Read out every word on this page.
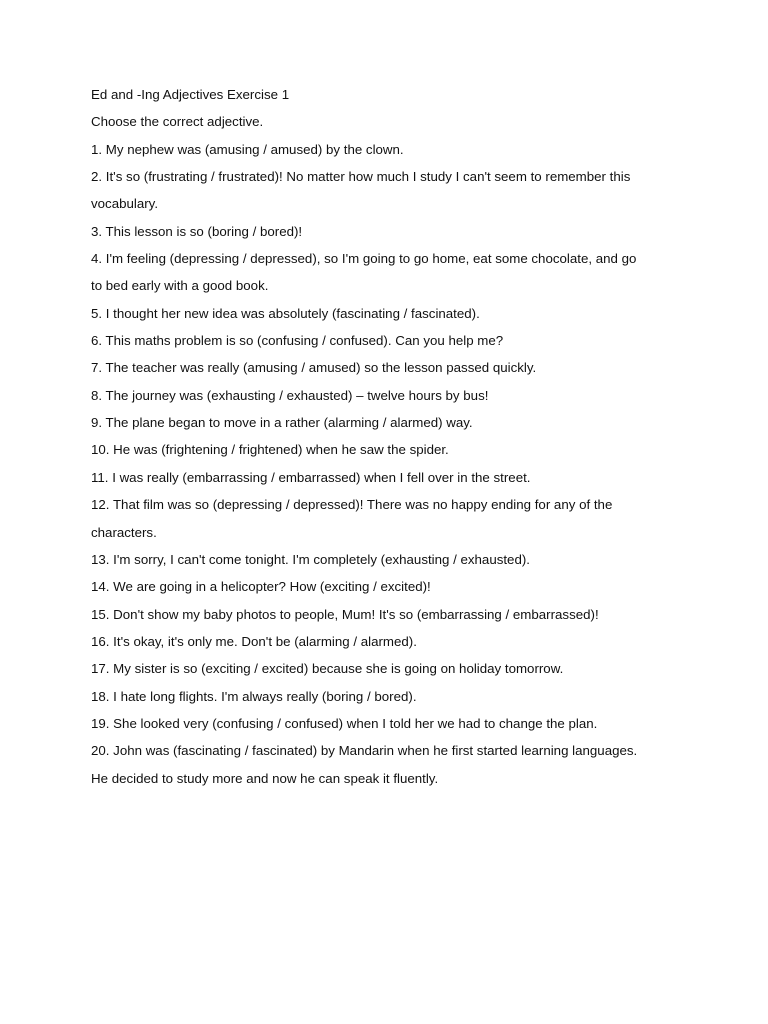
Ed and -Ing Adjectives Exercise 1
Choose the correct adjective.
1. My nephew was (amusing / amused) by the clown.
2. It's so (frustrating / frustrated)! No matter how much I study I can't seem to remember this
vocabulary.
3. This lesson is so (boring / bored)!
4. I'm feeling (depressing / depressed), so I'm going to go home, eat some chocolate, and go
to bed early with a good book.
5. I thought her new idea was absolutely (fascinating / fascinated).
6. This maths problem is so (confusing / confused). Can you help me?
7. The teacher was really (amusing / amused) so the lesson passed quickly.
8. The journey was (exhausting / exhausted) – twelve hours by bus!
9. The plane began to move in a rather (alarming / alarmed) way.
10. He was (frightening / frightened) when he saw the spider.
11. I was really (embarrassing / embarrassed) when I fell over in the street.
12. That film was so (depressing / depressed)! There was no happy ending for any of the
characters.
13. I'm sorry, I can't come tonight. I'm completely (exhausting / exhausted).
14. We are going in a helicopter? How (exciting / excited)!
15. Don't show my baby photos to people, Mum! It's so (embarrassing / embarrassed)!
16. It's okay, it's only me. Don't be (alarming / alarmed).
17. My sister is so (exciting / excited) because she is going on holiday tomorrow.
18. I hate long flights. I'm always really (boring / bored).
19. She looked very (confusing / confused) when I told her we had to change the plan.
20. John was (fascinating / fascinated) by Mandarin when he first started learning languages.
He decided to study more and now he can speak it fluently.
